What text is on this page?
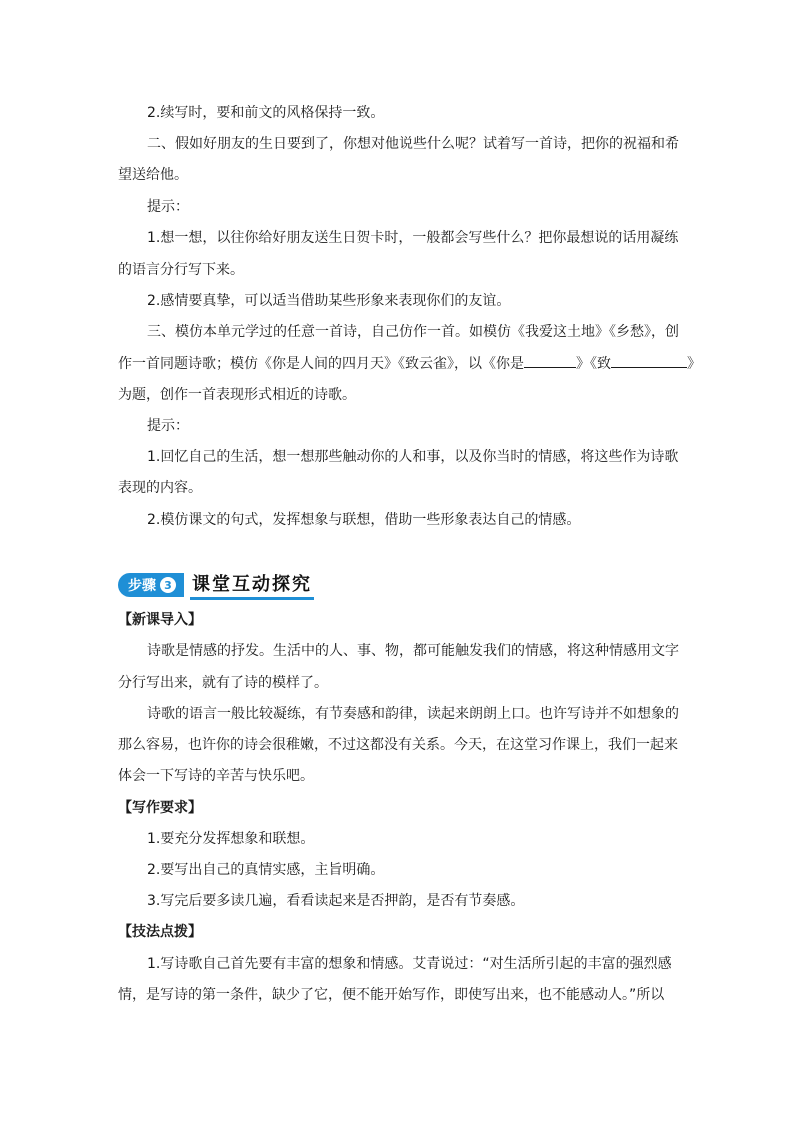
2.续写时，要和前文的风格保持一致。
二、假如好朋友的生日要到了，你想对他说些什么呢？试着写一首诗，把你的祝福和希
望送给他。
提示：
1.想一想，以往你给好朋友送生日贺卡时，一般都会写些什么？把你最想说的话用凝练
的语言分行写下来。
2.感情要真挚，可以适当借助某些形象来表现你们的友谊。
三、模仿本单元学过的任意一首诗，自己仿作一首。如模仿《我爱这土地》《乡愁》，创
作一首同题诗歌；模仿《你是人间的四月天》《致云雀》，以《你是	》《致	》
为题，创作一首表现形式相近的诗歌。
提示：
1.回忆自己的生活，想一想那些触动你的人和事，以及你当时的情感，将这些作为诗歌
表现的内容。
2.模仿课文的句式，发挥想象与联想，借助一些形象表达自己的情感。
步骤 3 课堂互动探究
【新课导入】
诗歌是情感的抒发。生活中的人、事、物，都可能触发我们的情感，将这种情感用文字
分行写出来，就有了诗的模样了。
诗歌的语言一般比较凝练，有节奏感和韵律，读起来朗朗上口。也许写诗并不如想象的
那么容易，也许你的诗会很稚嫩，不过这都没有关系。今天，在这堂习作课上，我们一起来
体会一下写诗的辛苦与快乐吧。
【写作要求】
1.要充分发挥想象和联想。
2.要写出自己的真情实感，主旨明确。
3.写完后要多读几遍，看看读起来是否押韵，是否有节奏感。
【技法点拨】
1.写诗歌自己首先要有丰富的想象和情感。艾青说过：“对生活所引起的丰富的强烈感
情，是写诗的第一条件，缺少了它，便不能开始写作，即使写出来，也不能感动人。”所以
